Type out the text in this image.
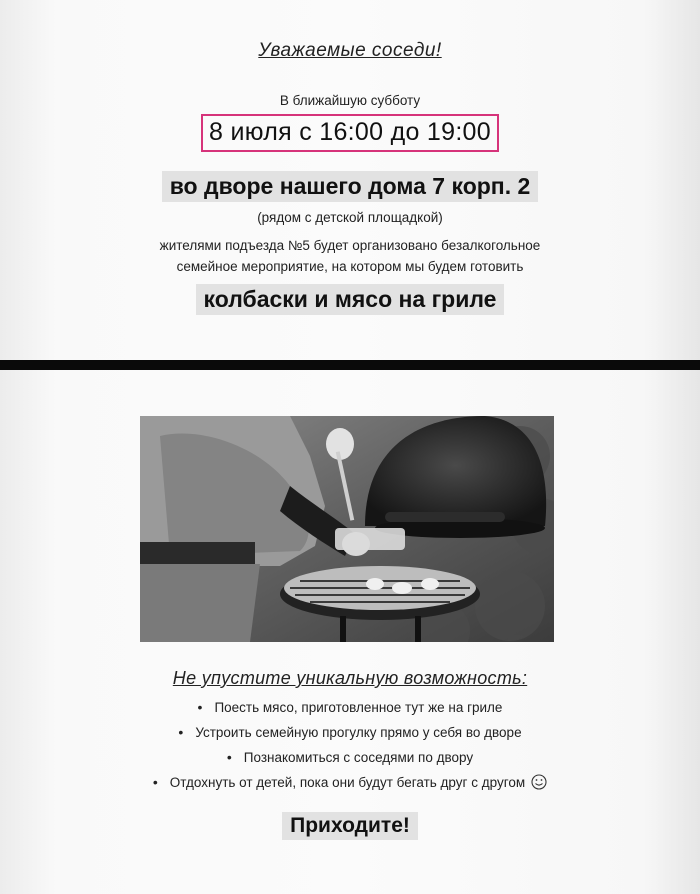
Уважаемые соседи!
В ближайшую субботу
8 июля с 16:00 до 19:00
во дворе нашего дома 7 корп. 2
(рядом с детской площадкой)
жителями подъезда №5 будет организовано безалкогольное
семейное мероприятие, на котором мы будем готовить
колбаски и мясо на гриле
Не упустите уникальную возможность:
• Поесть мясо, приготовленное тут же на гриле
• Устроить семейную прогулку прямо у себя во дворе
• Познакомиться с соседями по двору
• Отдохнуть от детей, пока они будут бегать друг с другом
Приходите!
